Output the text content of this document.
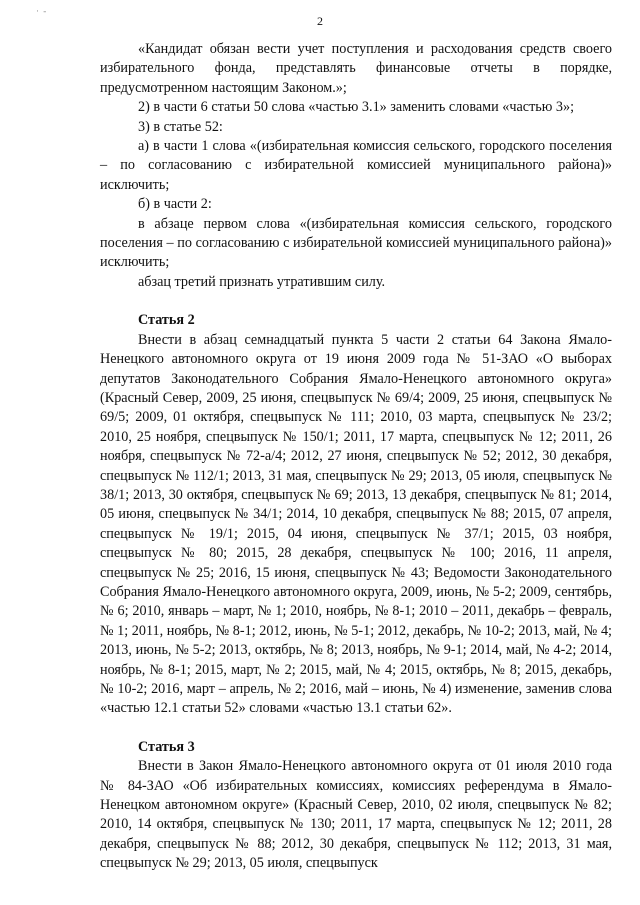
· -
2

«Кандидат обязан вести учет поступления и расходования средств своего избирательного фонда, представлять финансовые отчеты в порядке, предусмотренном настоящим Законом.»;

2) в части 6 статьи 50 слова «частью 3.1» заменить словами «частью 3»;

3) в статье 52:

а) в части 1 слова «(избирательная комиссия сельского, городского поселения – по согласованию с избирательной комиссией муниципального района)» исключить;

б) в части 2:

в абзаце первом слова «(избирательная комиссия сельского, городского поселения – по согласованию с избирательной комиссией муниципального района)» исключить;

абзац третий признать утратившим силу.

Статья 2

Внести в абзац семнадцатый пункта 5 части 2 статьи 64 Закона Ямало-Ненецкого автономного округа от 19 июня 2009 года № 51-ЗАО «О выборах депутатов Законодательного Собрания Ямало-Ненецкого автономного округа» (Красный Север, 2009, 25 июня, спецвыпуск № 69/4; 2009, 25 июня, спецвыпуск № 69/5; 2009, 01 октября, спецвыпуск № 111; 2010, 03 марта, спецвыпуск № 23/2; 2010, 25 ноября, спецвыпуск № 150/1; 2011, 17 марта, спецвыпуск № 12; 2011, 26 ноября, спецвыпуск № 72-а/4; 2012, 27 июня, спецвыпуск № 52; 2012, 30 декабря, спецвыпуск № 112/1; 2013, 31 мая, спецвыпуск № 29; 2013, 05 июля, спецвыпуск № 38/1; 2013, 30 октября, спецвыпуск № 69; 2013, 13 декабря, спецвыпуск № 81; 2014, 05 июня, спецвыпуск № 34/1; 2014, 10 декабря, спецвыпуск № 88; 2015, 07 апреля, спецвыпуск № 19/1; 2015, 04 июня, спецвыпуск № 37/1; 2015, 03 ноября, спецвыпуск № 80; 2015, 28 декабря, спецвыпуск № 100; 2016, 11 апреля, спецвыпуск № 25; 2016, 15 июня, спецвыпуск № 43; Ведомости Законодательного Собрания Ямало-Ненецкого автономного округа, 2009, июнь, № 5-2; 2009, сентябрь, № 6; 2010, январь – март, № 1; 2010, ноябрь, № 8-1; 2010 – 2011, декабрь – февраль, № 1; 2011, ноябрь, № 8-1; 2012, июнь, № 5-1; 2012, декабрь, № 10-2; 2013, май, № 4; 2013, июнь, № 5-2; 2013, октябрь, № 8; 2013, ноябрь, № 9-1; 2014, май, № 4-2; 2014, ноябрь, № 8-1; 2015, март, № 2; 2015, май, № 4; 2015, октябрь, № 8; 2015, декабрь, № 10-2; 2016, март – апрель, № 2; 2016, май – июнь, № 4) изменение, заменив слова «частью 12.1 статьи 52» словами «частью 13.1 статьи 62».

Статья 3

Внести в Закон Ямало-Ненецкого автономного округа от 01 июля 2010 года № 84-ЗАО «Об избирательных комиссиях, комиссиях референдума в Ямало-Ненецком автономном округе» (Красный Север, 2010, 02 июля, спецвыпуск № 82; 2010, 14 октября, спецвыпуск № 130; 2011, 17 марта, спецвыпуск № 12; 2011, 28 декабря, спецвыпуск № 88; 2012, 30 декабря, спецвыпуск № 112; 2013, 31 мая, спецвыпуск № 29; 2013, 05 июля, спецвыпуск
